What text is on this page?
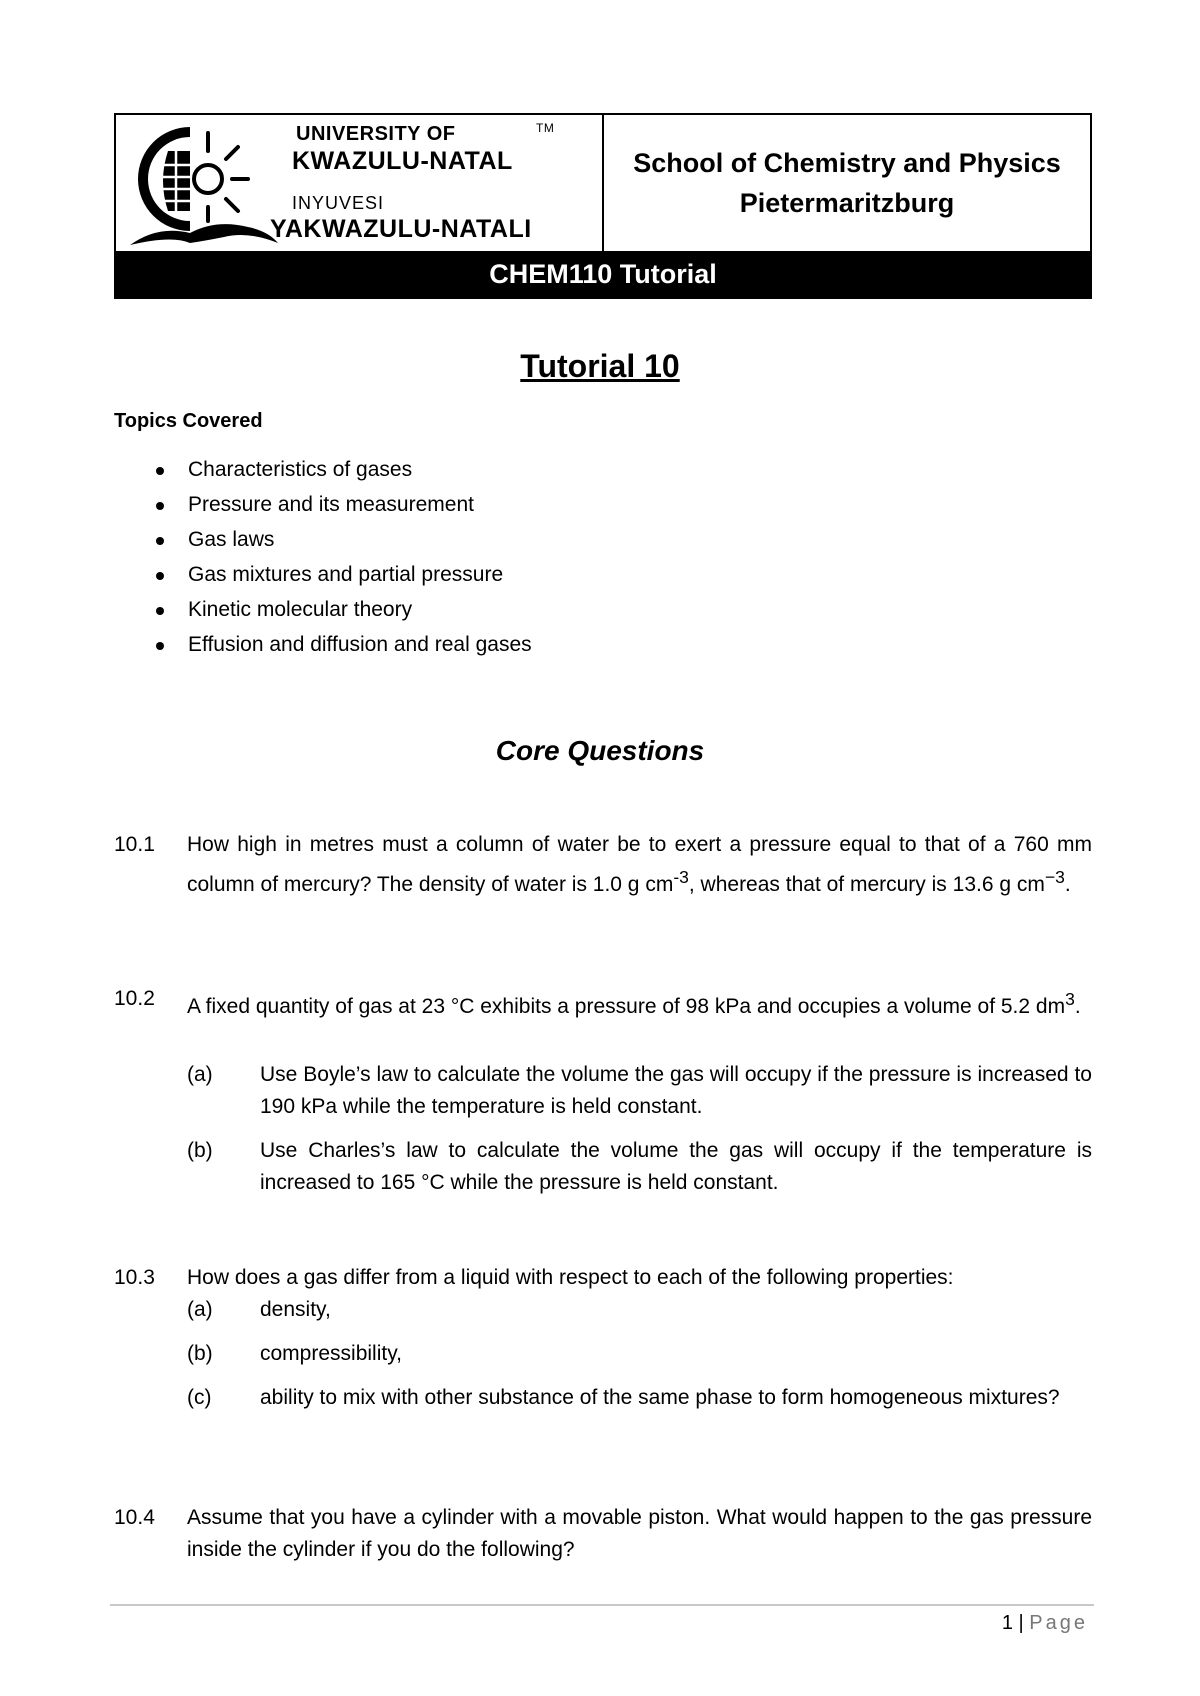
UNIVERSITY OF	TM
KWAZULU-NATAL
INYUVESI
YAKWAZULU-NATALI
School of Chemistry and Physics
Pietermaritzburg
CHEM110 Tutorial
Tutorial 10
Topics Covered
Characteristics of gases
Pressure and its measurement
Gas laws
Gas mixtures and partial pressure
Kinetic molecular theory
Effusion and diffusion and real gases
Core Questions
10.1 How high in metres must a column of water be to exert a pressure equal to that of a 760 mm column of mercury? The density of water is 1.0 g $cm^{-3}$, whereas that of mercury is 13.6 g $cm^{-3}$.
10.2 A fixed quantity of gas at 23 °C exhibits a pressure of 98 kPa and occupies a volume of 5.2 $dm^3$.
(a) Use Boyle’s law to calculate the volume the gas will occupy if the pressure is increased to 190 kPa while the temperature is held constant.
(b) Use Charles’s law to calculate the volume the gas will occupy if the temperature is increased to 165 °C while the pressure is held constant.
10.3 How does a gas differ from a liquid with respect to each of the following properties:
(a) density,
(b) compressibility,
(c) ability to mix with other substance of the same phase to form homogeneous mixtures?
10.4 Assume that you have a cylinder with a movable piston. What would happen to the gas pressure inside the cylinder if you do the following?
1 | Page
